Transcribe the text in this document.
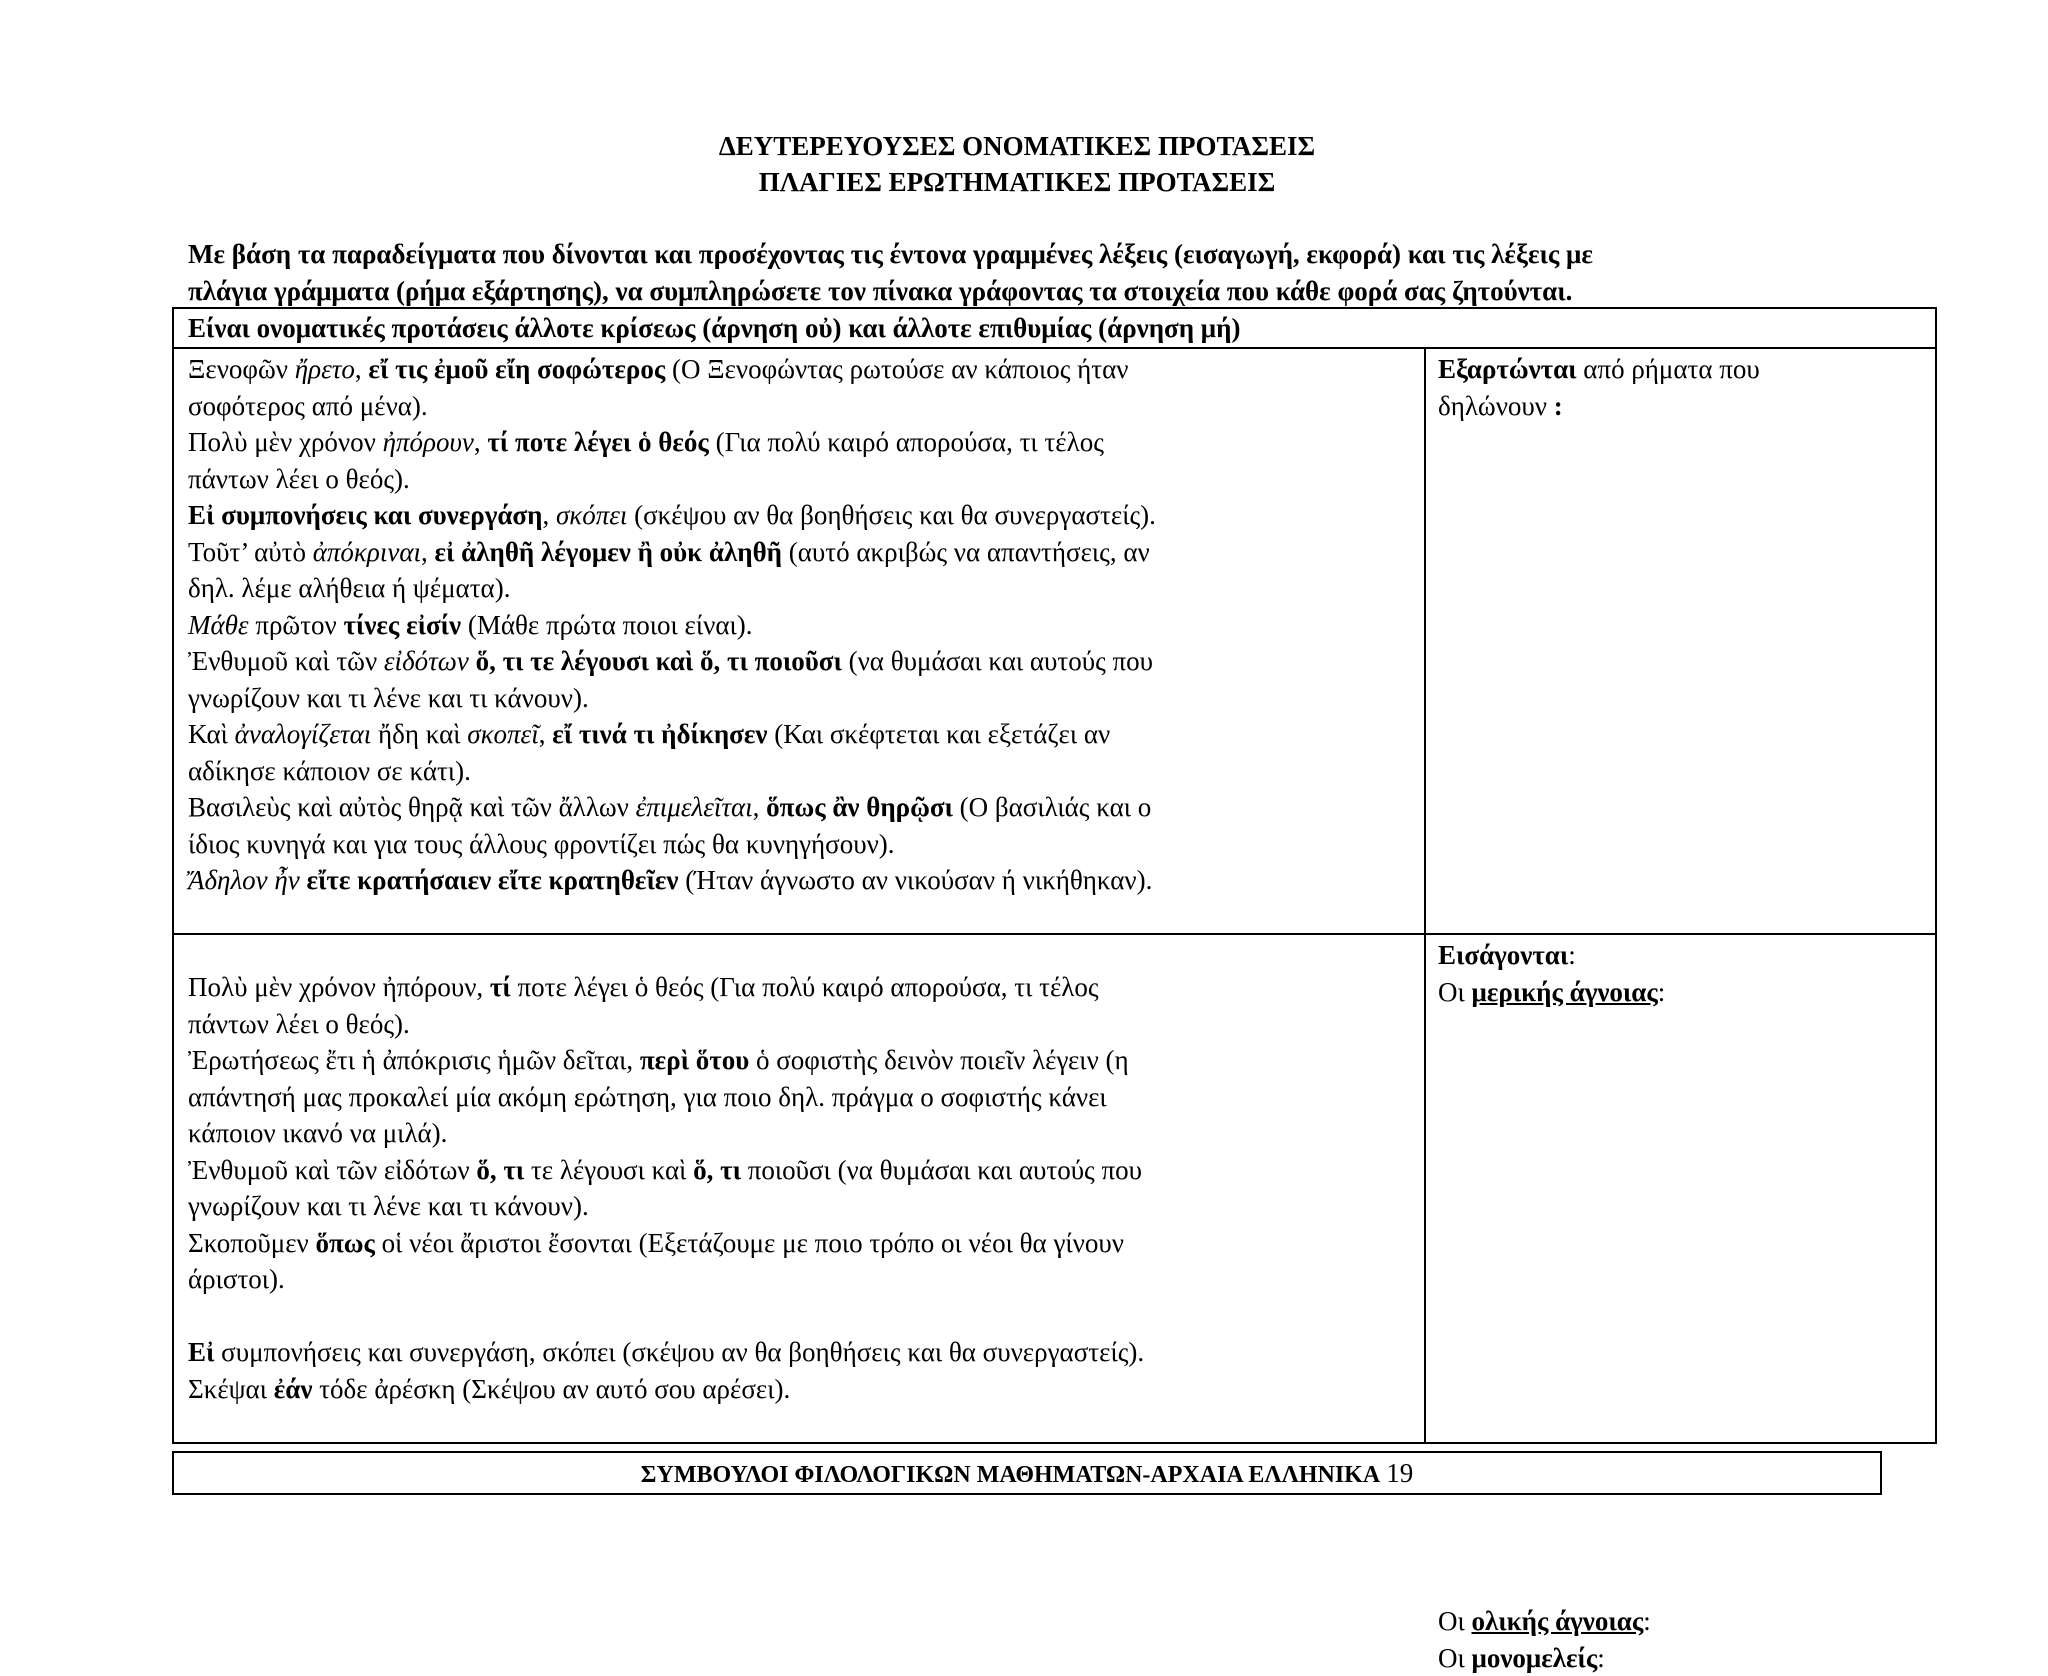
ΔΕΥΤΕΡΕΥΟΥΣΕΣ ΟΝΟΜΑΤΙΚΕΣ ΠΡΟΤΑΣΕΙΣ
ΠΛΑΓΙΕΣ ΕΡΩΤΗΜΑΤΙΚΕΣ ΠΡΟΤΑΣΕΙΣ
Με βάση τα παραδείγματα που δίνονται και προσέχοντας τις έντονα γραμμένες λέξεις (εισαγωγή, εκφορά) και τις λέξεις με
πλάγια γράμματα (ρήμα εξάρτησης), να συμπληρώσετε τον πίνακα γράφοντας τα στοιχεία που κάθε φορά σας ζητούνται.
Είναι ονοματικές προτάσεις άλλοτε κρίσεως (άρνηση οὐ) και άλλοτε επιθυμίας (άρνηση μή)
Ξενοφῶν ἤρετο, εἴ τις ἐμοῦ εἴη σοφώτερος (Ο Ξενοφώντας ρωτούσε αν κάποιος ήταν
σοφότερος από μένα).
Πολὺ μὲν χρόνον ἠπόρουν, τί ποτε λέγει ὁ θεός (Για πολύ καιρό απορούσα, τι τέλος
πάντων λέει ο θεός).
Εἰ συμπονήσεις και συνεργάση, σκόπει (σκέψου αν θα βοηθήσεις και θα συνεργαστείς).
Τοῦτ’ αὐτὸ ἀπόκριναι, εἰ ἀληθῆ λέγομεν ἢ οὐκ ἀληθῆ (αυτό ακριβώς να απαντήσεις, αν
δηλ. λέμε αλήθεια ή ψέματα).
Μάθε πρῶτον τίνες εἰσίν (Μάθε πρώτα ποιοι είναι).
Ἐνθυμοῦ καὶ τῶν εἰδότων ὅ, τι τε λέγουσι καὶ ὅ, τι ποιοῦσι (να θυμάσαι και αυτούς που
γνωρίζουν και τι λένε και τι κάνουν).
Καὶ ἀναλογίζεται ἤδη καὶ σκοπεῖ, εἴ τινά τι ἠδίκησεν (Και σκέφτεται και εξετάζει αν
αδίκησε κάποιον σε κάτι).
Βασιλεὺς καὶ αὐτὸς θηρᾷ καὶ τῶν ἄλλων ἐπιμελεῖται, ὅπως ἂν θηρῷσι (Ο βασιλιάς και ο
ίδιος κυνηγά και για τους άλλους φροντίζει πώς θα κυνηγήσουν).
Ἄδηλον ἦν εἴτε κρατήσαιεν εἴτε κρατηθεῖεν (Ήταν άγνωστο αν νικούσαν ή νικήθηκαν).
Εξαρτώνται από ρήματα που
δηλώνουν :
Πολὺ μὲν χρόνον ἠπόρουν, τί ποτε λέγει ὁ θεός (Για πολύ καιρό απορούσα, τι τέλος
πάντων λέει ο θεός).
Ἐρωτήσεως ἔτι ἡ ἀπόκρισις ἡμῶν δεῖται, περὶ ὅτου ὁ σοφιστὴς δεινὸν ποιεῖν λέγειν (η
απάντησή μας προκαλεί μία ακόμη ερώτηση, για ποιο δηλ. πράγμα ο σοφιστής κάνει
κάποιον ικανό να μιλά).
Ἐνθυμοῦ καὶ τῶν εἰδότων ὅ, τι τε λέγουσι καὶ ὅ, τι ποιοῦσι (να θυμάσαι και αυτούς που
γνωρίζουν και τι λένε και τι κάνουν).
Σκοποῦμεν ὅπως οἱ νέοι ἄριστοι ἔσονται (Εξετάζουμε με ποιο τρόπο οι νέοι θα γίνουν
άριστοι).
Εἰ συμπονήσεις και συνεργάση, σκόπει (σκέψου αν θα βοηθήσεις και θα συνεργαστείς).
Σκέψαι ἐάν τόδε ἀρέσκη (Σκέψου αν αυτό σου αρέσει).
Εισάγονται:
Οι μερικής άγνοιας:
Οι ολικής άγνοιας:
Οι μονομελείς:
ΣΥΜΒΟΥΛΟΙ ΦΙΛΟΛΟΓΙΚΩΝ ΜΑΘΗΜΑΤΩΝ-ΑΡΧΑΙΑ ΕΛΛΗΝΙΚΑ 19
